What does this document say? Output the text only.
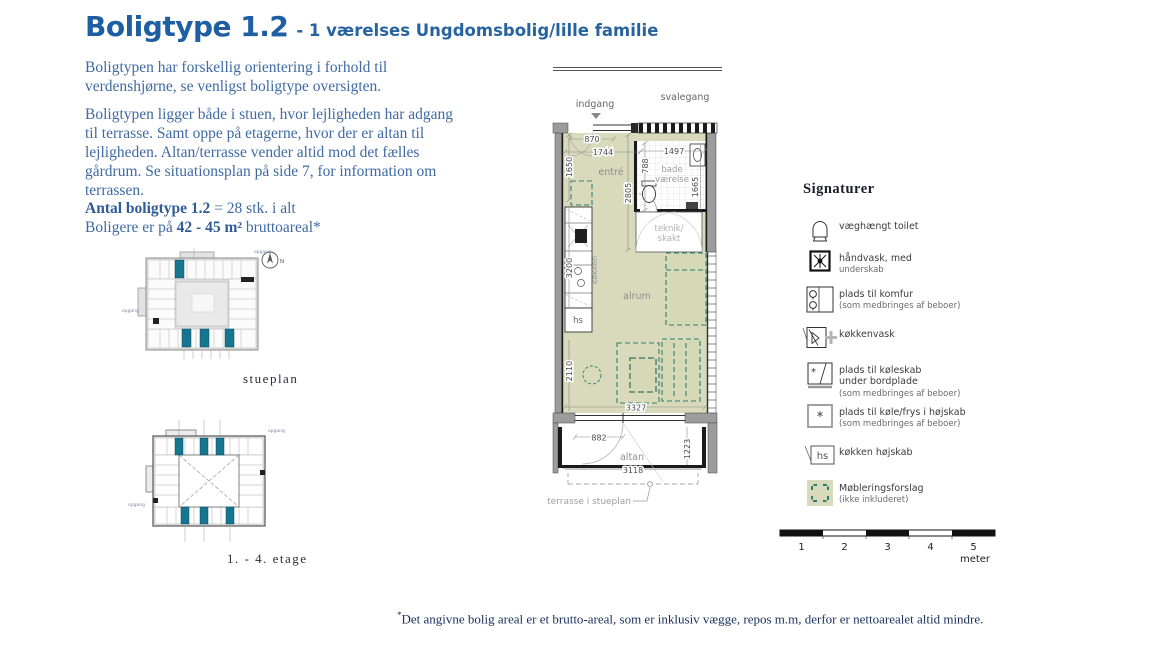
Boligtype 1.2 - 1 værelses Ungdomsbolig/lille familie
Boligtypen har forskellig orientering i forhold til verdenshjørne, se venligst boligtype oversigten.
Boligtypen ligger både i stuen, hvor lejligheden har adgang til terrasse. Samt oppe på etagerne, hvor der er altan til lejligheden. Altan/terrasse vender altid mod det fælles gårdrum. Se situationsplan på side 7, for information om terrassen.
Antal boligtype 1.2 = 28 stk. i alt
Boligere er på 42 - 45 m² bruttoareal*
N
opgang
opgang
stueplan
opgang
opgang
1. - 4. etage
svalegang
indgang
870
1744	1497
1650
2805
788
1665
3200
2110
3327
882
3118
1223
entré
alrum
bade
værelse
teknik/
skakt
køkken
hs
altan
terrasse i stueplan
Signaturer
væghængt toilet
håndvask, med
underskab
plads til komfur
(som medbringes af beboer)
køkkenvask
* plads til køleskab
under bordplade
(som medbringes af beboer)
* plads til køle/frys i højskab
(som medbringes af beboer)
hs køkken højskab
Møbleringsforslag
(ikke inkluderet)
1	2	3	4	5
meter
*Det angivne bolig areal er et brutto-areal, som er inklusiv vægge, repos m.m, derfor er nettoarealet altid mindre.
